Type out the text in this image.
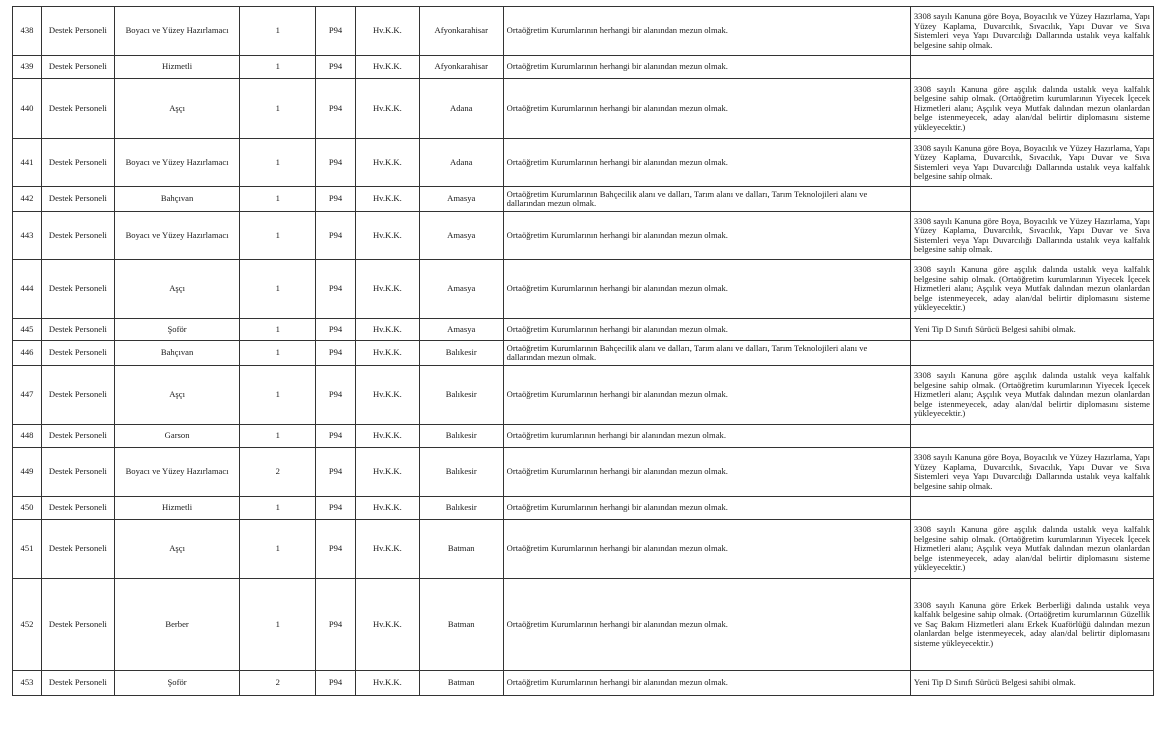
438	Destek Personeli	Boyacı ve Yüzey Hazırlamacı	1	P94	Hv.K.K.	Afyonkarahisar	Ortaöğretim Kurumlarının herhangi bir alanından mezun olmak.	3308 sayılı Kanuna göre Boya, Boyacılık ve Yüzey Hazırlama, Yapı Yüzey Kaplama, Duvarcılık, Sıvacılık, Yapı Duvar ve Sıva Sistemleri veya Yapı Duvarcılığı Dallarında ustalık veya kalfalık belgesine sahip olmak.
439	Destek Personeli	Hizmetli	1	P94	Hv.K.K.	Afyonkarahisar	Ortaöğretim Kurumlarının herhangi bir alanından mezun olmak.	
440	Destek Personeli	Aşçı	1	P94	Hv.K.K.	Adana	Ortaöğretim Kurumlarının herhangi bir alanından mezun olmak.	3308 sayılı Kanuna göre aşçılık dalında ustalık veya kalfalık belgesine sahip olmak. (Ortaöğretim kurumlarının Yiyecek İçecek Hizmetleri alanı; Aşçılık veya Mutfak dalından mezun olanlardan belge istenmeyecek, aday alan/dal belirtir diplomasını sisteme yükleyecektir.)
441	Destek Personeli	Boyacı ve Yüzey Hazırlamacı	1	P94	Hv.K.K.	Adana	Ortaöğretim Kurumlarının herhangi bir alanından mezun olmak.	3308 sayılı Kanuna göre Boya, Boyacılık ve Yüzey Hazırlama, Yapı Yüzey Kaplama, Duvarcılık, Sıvacılık, Yapı Duvar ve Sıva Sistemleri veya Yapı Duvarcılığı Dallarında ustalık veya kalfalık belgesine sahip olmak.
442	Destek Personeli	Bahçıvan	1	P94	Hv.K.K.	Amasya	Ortaöğretim Kurumlarının Bahçecilik alanı ve dalları, Tarım alanı ve dalları, Tarım Teknolojileri alanı ve dallarından mezun olmak.	
443	Destek Personeli	Boyacı ve Yüzey Hazırlamacı	1	P94	Hv.K.K.	Amasya	Ortaöğretim Kurumlarının herhangi bir alanından mezun olmak.	3308 sayılı Kanuna göre Boya, Boyacılık ve Yüzey Hazırlama, Yapı Yüzey Kaplama, Duvarcılık, Sıvacılık, Yapı Duvar ve Sıva Sistemleri veya Yapı Duvarcılığı Dallarında ustalık veya kalfalık belgesine sahip olmak.
444	Destek Personeli	Aşçı	1	P94	Hv.K.K.	Amasya	Ortaöğretim Kurumlarının herhangi bir alanından mezun olmak.	3308 sayılı Kanuna göre aşçılık dalında ustalık veya kalfalık belgesine sahip olmak. (Ortaöğretim kurumlarının Yiyecek İçecek Hizmetleri alanı; Aşçılık veya Mutfak dalından mezun olanlardan belge istenmeyecek, aday alan/dal belirtir diplomasını sisteme yükleyecektir.)
445	Destek Personeli	Şoför	1	P94	Hv.K.K.	Amasya	Ortaöğretim Kurumlarının herhangi bir alanından mezun olmak.	Yeni Tip D Sınıfı Sürücü Belgesi sahibi olmak.
446	Destek Personeli	Bahçıvan	1	P94	Hv.K.K.	Balıkesir	Ortaöğretim Kurumlarının Bahçecilik alanı ve dalları, Tarım alanı ve dalları, Tarım Teknolojileri alanı ve dallarından mezun olmak.	
447	Destek Personeli	Aşçı	1	P94	Hv.K.K.	Balıkesir	Ortaöğretim Kurumlarının herhangi bir alanından mezun olmak.	3308 sayılı Kanuna göre aşçılık dalında ustalık veya kalfalık belgesine sahip olmak. (Ortaöğretim kurumlarının Yiyecek İçecek Hizmetleri alanı; Aşçılık veya Mutfak dalından mezun olanlardan belge istenmeyecek, aday alan/dal belirtir diplomasını sisteme yükleyecektir.)
448	Destek Personeli	Garson	1	P94	Hv.K.K.	Balıkesir	Ortaöğretim kurumlarının herhangi bir alanından mezun olmak.	
449	Destek Personeli	Boyacı ve Yüzey Hazırlamacı	2	P94	Hv.K.K.	Balıkesir	Ortaöğretim Kurumlarının herhangi bir alanından mezun olmak.	3308 sayılı Kanuna göre Boya, Boyacılık ve Yüzey Hazırlama, Yapı Yüzey Kaplama, Duvarcılık, Sıvacılık, Yapı Duvar ve Sıva Sistemleri veya Yapı Duvarcılığı Dallarında ustalık veya kalfalık belgesine sahip olmak.
450	Destek Personeli	Hizmetli	1	P94	Hv.K.K.	Balıkesir	Ortaöğretim Kurumlarının herhangi bir alanından mezun olmak.	
451	Destek Personeli	Aşçı	1	P94	Hv.K.K.	Batman	Ortaöğretim Kurumlarının herhangi bir alanından mezun olmak.	3308 sayılı Kanuna göre aşçılık dalında ustalık veya kalfalık belgesine sahip olmak. (Ortaöğretim kurumlarının Yiyecek İçecek Hizmetleri alanı; Aşçılık veya Mutfak dalından mezun olanlardan belge istenmeyecek, aday alan/dal belirtir diplomasını sisteme yükleyecektir.)
452	Destek Personeli	Berber	1	P94	Hv.K.K.	Batman	Ortaöğretim Kurumlarının herhangi bir alanından mezun olmak.	3308 sayılı Kanuna göre Erkek Berberliği dalında ustalık veya kalfalık belgesine sahip olmak. (Ortaöğretim kurumlarının Güzellik ve Saç Bakım Hizmetleri alanı Erkek Kuaförlüğü dalından mezun olanlardan belge istenmeyecek, aday alan/dal belirtir diplomasını sisteme yükleyecektir.)
453	Destek Personeli	Şoför	2	P94	Hv.K.K.	Batman	Ortaöğretim Kurumlarının herhangi bir alanından mezun olmak.	Yeni Tip D Sınıfı Sürücü Belgesi sahibi olmak.
